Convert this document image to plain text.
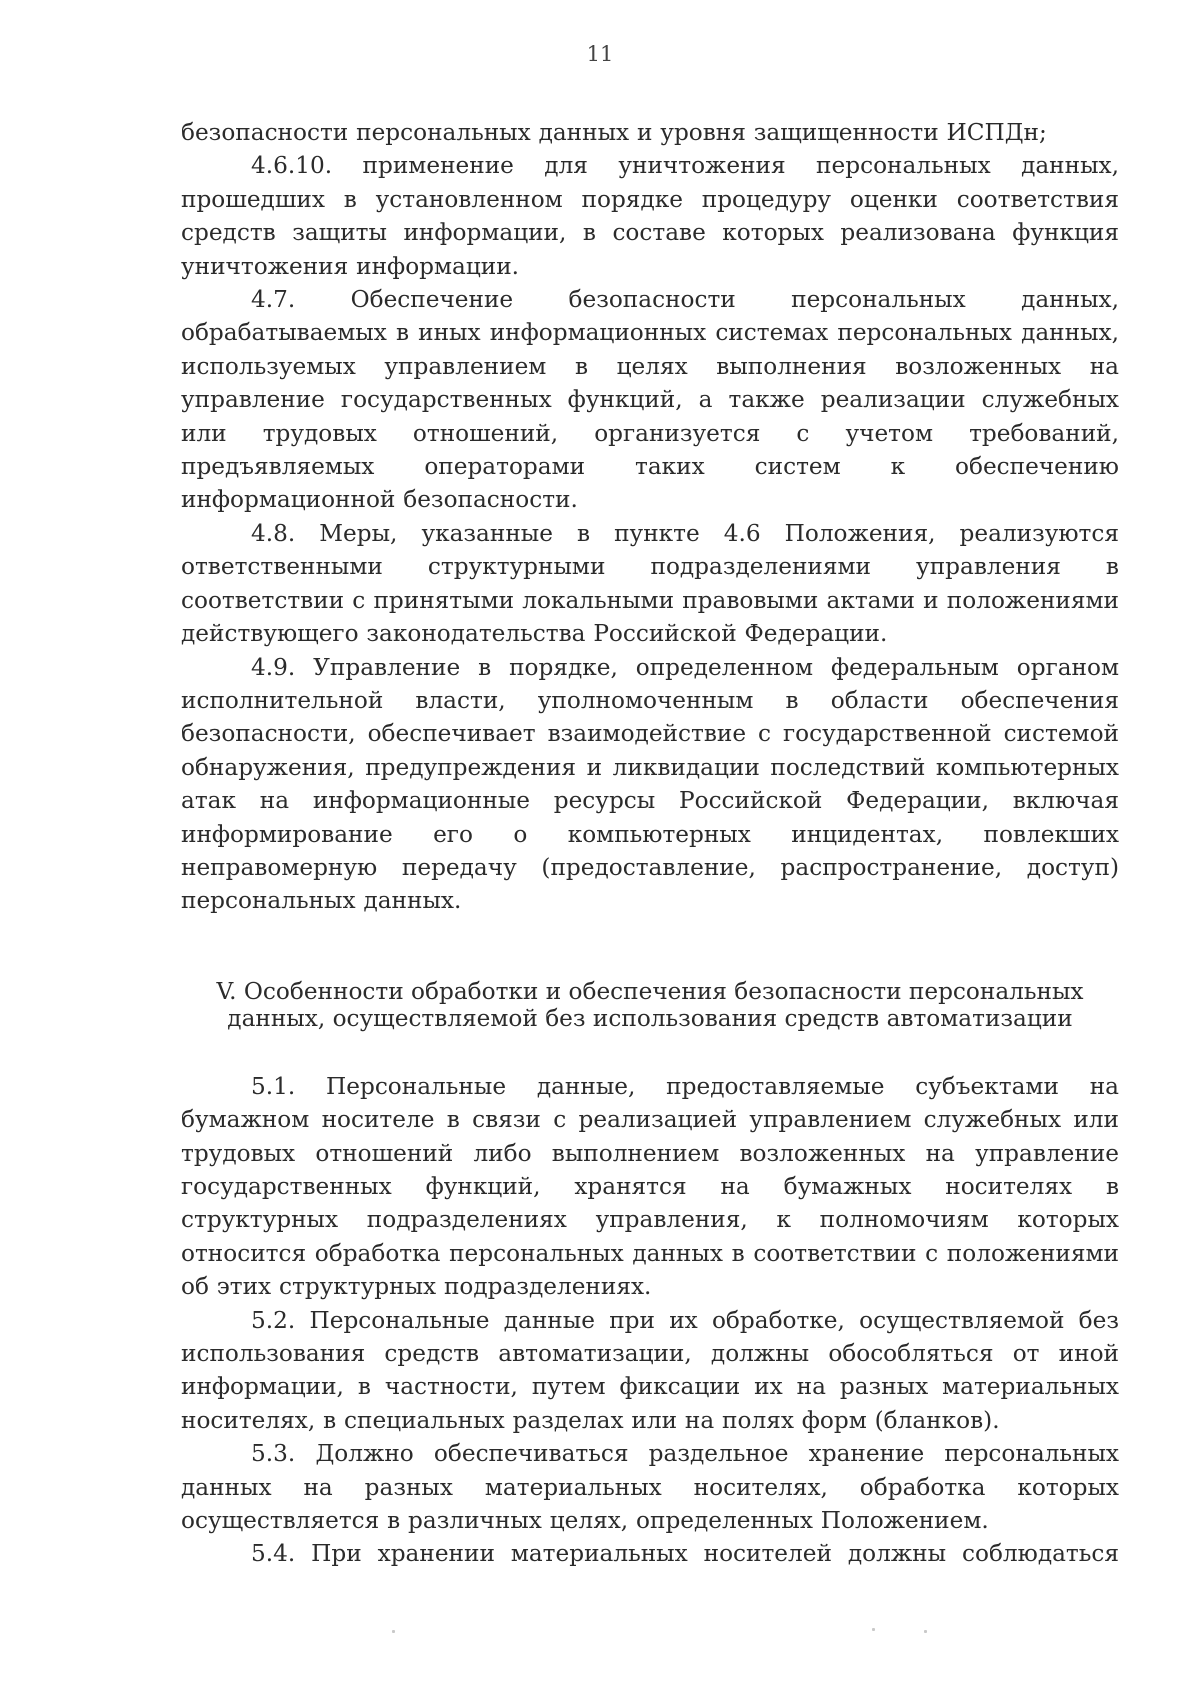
11

безопасности персональных данных и уровня защищенности ИСПДн;

4.6.10. применение для уничтожения персональных данных, прошедших в установленном порядке процедуру оценки соответствия средств защиты информации, в составе которых реализована функция уничтожения информации.

4.7. Обеспечение безопасности персональных данных, обрабатываемых в иных информационных системах персональных данных, используемых управлением в целях выполнения возложенных на управление государственных функций, а также реализации служебных или трудовых отношений, организуется с учетом требований, предъявляемых операторами таких систем к обеспечению информационной безопасности.

4.8. Меры, указанные в пункте 4.6 Положения, реализуются ответственными структурными подразделениями управления в соответствии с принятыми локальными правовыми актами и положениями действующего законодательства Российской Федерации.

4.9. Управление в порядке, определенном федеральным органом исполнительной власти, уполномоченным в области обеспечения безопасности, обеспечивает взаимодействие с государственной системой обнаружения, предупреждения и ликвидации последствий компьютерных атак на информационные ресурсы Российской Федерации, включая информирование его о компьютерных инцидентах, повлекших неправомерную передачу (предоставление, распространение, доступ) персональных данных.

V. Особенности обработки и обеспечения безопасности персональных
данных, осуществляемой без использования средств автоматизации

5.1. Персональные данные, предоставляемые субъектами на бумажном носителе в связи с реализацией управлением служебных или трудовых отношений либо выполнением возложенных на управление государственных функций, хранятся на бумажных носителях в структурных подразделениях управления, к полномочиям которых относится обработка персональных данных в соответствии с положениями об этих структурных подразделениях.

5.2. Персональные данные при их обработке, осуществляемой без использования средств автоматизации, должны обособляться от иной информации, в частности, путем фиксации их на разных материальных носителях, в специальных разделах или на полях форм (бланков).

5.3. Должно обеспечиваться раздельное хранение персональных данных на разных материальных носителях, обработка которых осуществляется в различных целях, определенных Положением.

5.4. При хранении материальных носителей должны соблюдаться
